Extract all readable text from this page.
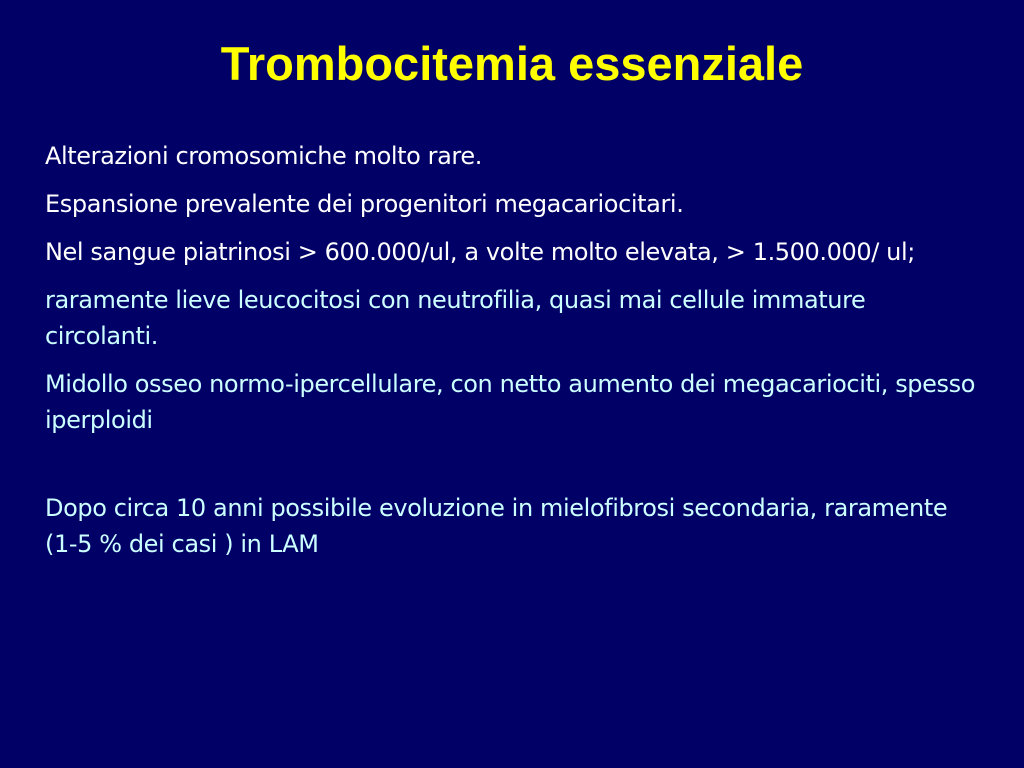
Trombocitemia essenziale

Alterazioni cromosomiche molto rare.

Espansione prevalente dei progenitori megacariocitari.

Nel sangue piatrinosi > 600.000/ul, a volte molto elevata, > 1.500.000/ ul;

raramente lieve leucocitosi con neutrofilia, quasi mai cellule immature circolanti.

Midollo osseo normo-ipercellulare, con netto aumento dei megacariociti, spesso iperploidi

Dopo circa 10 anni possibile evoluzione in mielofibrosi secondaria, raramente (1-5 % dei casi ) in LAM
